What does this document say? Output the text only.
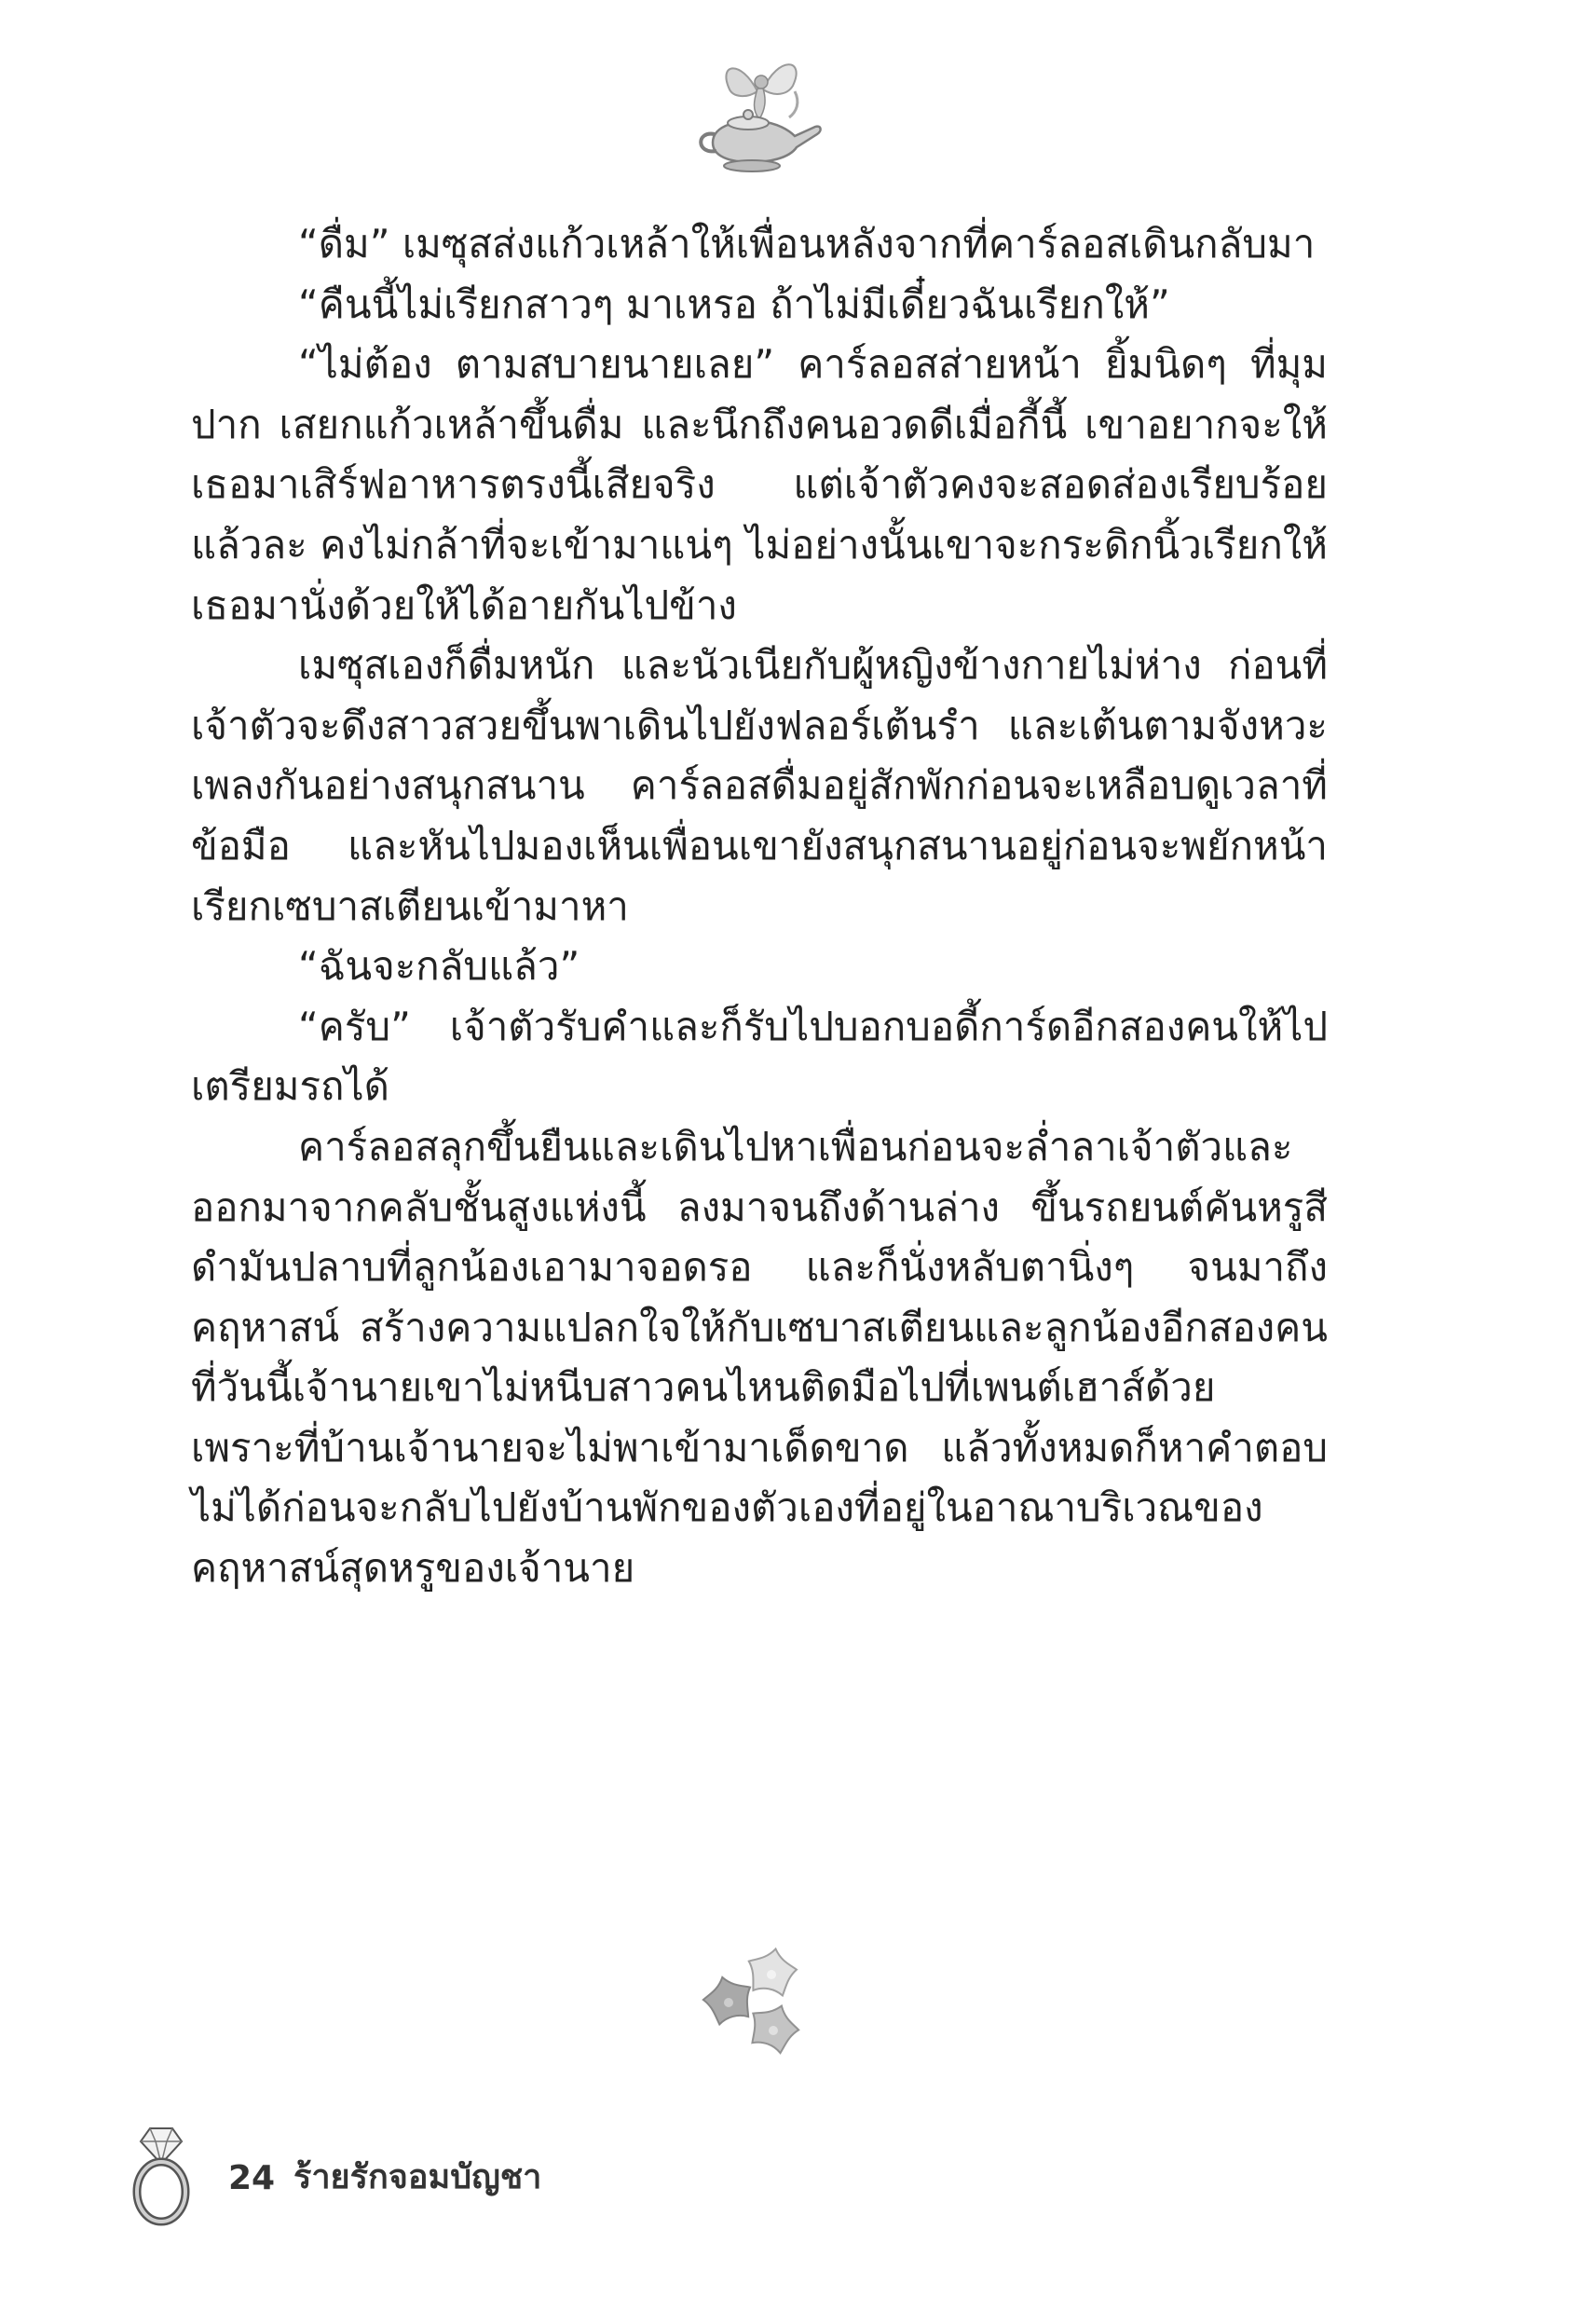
“ดื่ม” เมซุสส่งแก้วเหล้าให้เพื่อนหลังจากที่คาร์ลอสเดินกลับมา

“คืนนี้ไม่เรียกสาวๆ มาเหรอ ถ้าไม่มีเดี๋ยวฉันเรียกให้”

“ไม่ต้อง ตามสบายนายเลย” คาร์ลอสส่ายหน้า ยิ้มนิดๆ ที่มุมปาก เสยกแก้วเหล้าขึ้นดื่ม และนึกถึงคนอวดดีเมื่อกี้นี้ เขาอยากจะให้เธอมาเสิร์ฟอาหารตรงนี้เสียจริง แต่เจ้าตัวคงจะสอดส่องเรียบร้อยแล้วละ คงไม่กล้าที่จะเข้ามาแน่ๆ ไม่อย่างนั้นเขาจะกระดิกนิ้วเรียกให้เธอมานั่งด้วยให้ได้อายกันไปข้าง

เมซุสเองก็ดื่มหนัก และนัวเนียกับผู้หญิงข้างกายไม่ห่าง ก่อนที่เจ้าตัวจะดึงสาวสวยขึ้นพาเดินไปยังฟลอร์เต้นรำ และเต้นตามจังหวะเพลงกันอย่างสนุกสนาน คาร์ลอสดื่มอยู่สักพักก่อนจะเหลือบดูเวลาที่ข้อมือ และหันไปมองเห็นเพื่อนเขายังสนุกสนานอยู่ก่อนจะพยักหน้าเรียกเซบาสเตียนเข้ามาหา

“ฉันจะกลับแล้ว”

“ครับ” เจ้าตัวรับคำและก็รับไปบอกบอดี้การ์ดอีกสองคนให้ไปเตรียมรถได้

คาร์ลอสลุกขึ้นยืนและเดินไปหาเพื่อนก่อนจะล่ำลาเจ้าตัวและออกมาจากคลับชั้นสูงแห่งนี้ ลงมาจนถึงด้านล่าง ขึ้นรถยนต์คันหรูสีดำมันปลาบที่ลูกน้องเอามาจอดรอ และก็นั่งหลับตานิ่งๆ จนมาถึงคฤหาสน์ สร้างความแปลกใจให้กับเซบาสเตียนและลูกน้องอีกสองคนที่วันนี้เจ้านายเขาไม่หนีบสาวคนไหนติดมือไปที่เพนต์เฮาส์ด้วย เพราะที่บ้านเจ้านายจะไม่พาเข้ามาเด็ดขาด แล้วทั้งหมดก็หาคำตอบไม่ได้ก่อนจะกลับไปยังบ้านพักของตัวเองที่อยู่ในอาณาบริเวณของคฤหาสน์สุดหรูของเจ้านาย

24 ร้ายรักจอมบัญชา
